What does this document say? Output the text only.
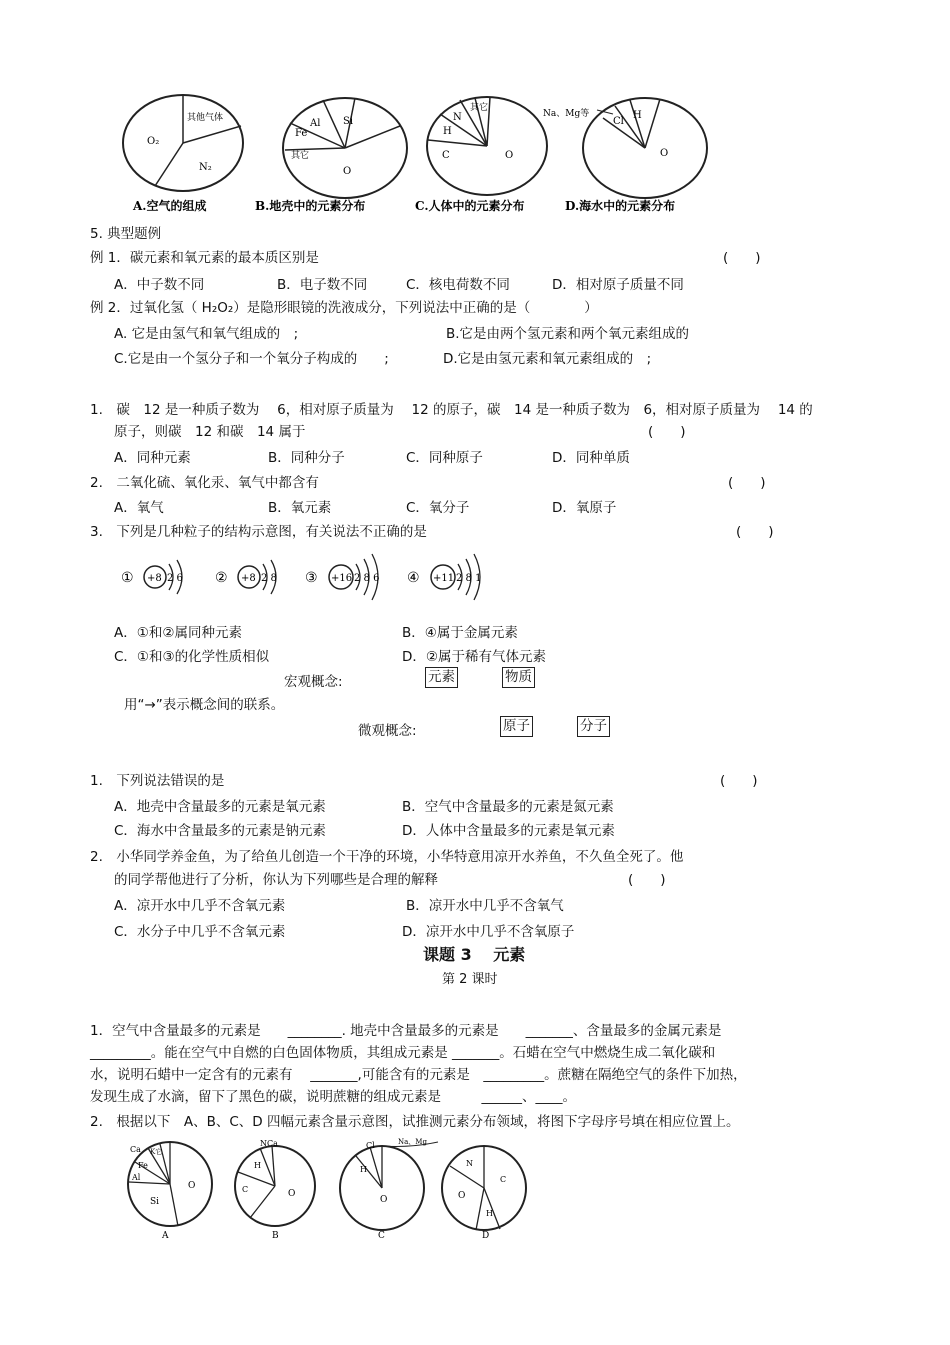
其他气体
O₂
N₂
A.空气的组成
Si
Al
Fe
其它
O
B.地壳中的元素分布
其它
N
H
C	O
C.人体中的元素分布
Na、Mg等
Cl
H
O
D.海水中的元素分布
5. 典型题例
例 1．碳元素和氧元素的最本质区别是	(　　)
A．中子数不同	B．电子数不同	C．核电荷数不同	D．相对原子质量不同
例 2．过氧化氢（ H₂O₂）是隐形眼镜的洗液成分，下列说法中正确的是（　　　　）
A. 它是由氢气和氧气组成的　;	B.它是由两个氢元素和两个氧元素组成的
C.它是由一个氢分子和一个氧分子构成的　　;	D.它是由氢元素和氧元素组成的　;
1.　碳　12 是一种质子数为　 6，相对原子质量为　 12 的原子，碳　14 是一种质子数为　6，相对原子质量为　 14 的
原子，则碳　12 和碳　14 属于	(　　)
A．同种元素	B．同种分子	C．同种原子	D．同种单质
2.　二氧化硫、氧化汞、氧气中都含有	(　　)
A．氧气	B．氧元素	C．氧分子	D．氧原子
3.　下列是几种粒子的结构示意图，有关说法不正确的是	(　　)
① +8 2 6 ② +8 2 8 ③ +16 2 8 6 ④ +11 2 8 1
A．①和②属同种元素	B．④属于金属元素
C．①和③的化学性质相似	D．②属于稀有气体元素
宏观概念:	元素	物质
用“→”表示概念间的联系。
微观概念:	原子	分子
1.　下列说法错误的是	(　　)
A．地壳中含量最多的元素是氧元素	B．空气中含量最多的元素是氮元素
C．海水中含量最多的元素是钠元素	D．人体中含量最多的元素是氧元素
2.　小华同学养金鱼，为了给鱼儿创造一个干净的环境，小华特意用凉开水养鱼，不久鱼全死了。他
的同学帮他进行了分析，你认为下列哪些是合理的解释	(　　)
A．凉开水中几乎不含氧元素	B．凉开水中几乎不含氧气
C．水分子中几乎不含氧元素	D．凉开水中几乎不含氧原子
课题 3　 元素
第 2 课时
1．空气中含量最多的元素是　　________. 地壳中含量最多的元素是　　_______、含量最多的金属元素是
_________。能在空气中自燃的白色固体物质，其组成元素是 _______。石蜡在空气中燃烧生成二氧化碳和
水，说明石蜡中一定含有的元素有　 _______,可能含有的元素是　_________。蔗糖在隔绝空气的条件下加热，
发现生成了水滴，留下了黑色的碳，说明蔗糖的组成元素是　　　______、____。
2.　根据以下　A、B、C、D 四幅元素含量示意图，试推测元素分布领域，将图下字母序号填在相应位置上。
Ca
Fe
K它
Al
Si
O
A
NCa
H
C	O
B
Cl	Na、Mg
H
O
C
N
C
O
H
D
